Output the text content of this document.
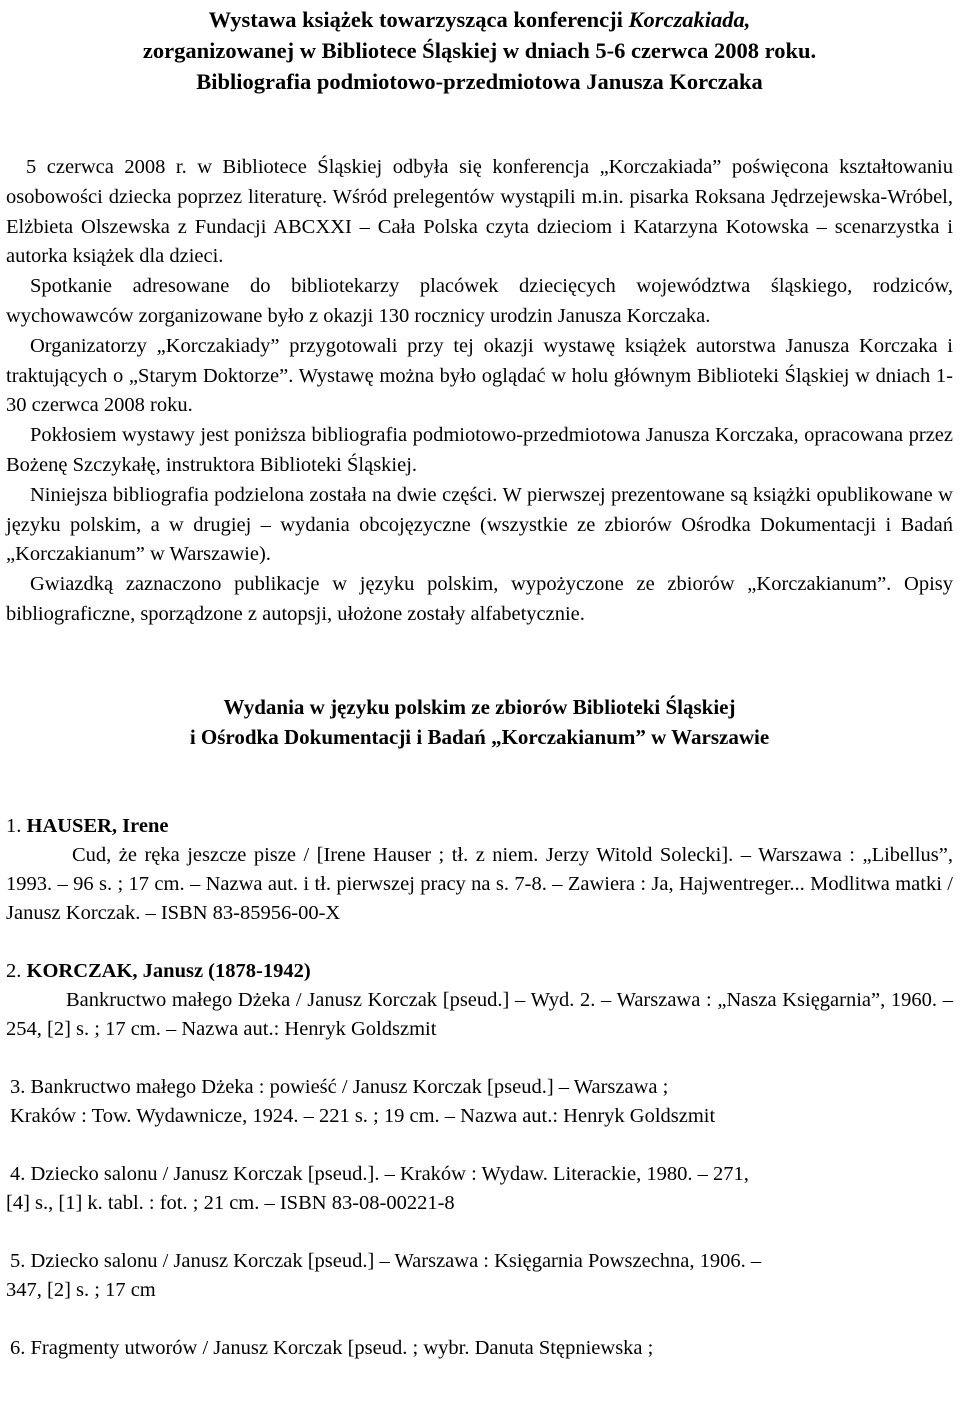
Wystawa książek towarzysząca konferencji Korczakiada,
zorganizowanej w Bibliotece Śląskiej w dniach 5-6 czerwca 2008 roku.
Bibliografia podmiotowo-przedmiotowa Janusza Korczaka

5 czerwca 2008 r. w Bibliotece Śląskiej odbyła się konferencja „Korczakiada” poświęcona kształtowaniu osobowości dziecka poprzez literaturę. Wśród prelegentów wystąpili m.in. pisarka Roksana Jędrzejewska-Wróbel, Elżbieta Olszewska z Fundacji ABCXXI – Cała Polska czyta dzieciom i Katarzyna Kotowska – scenarzystka i autorka książek dla dzieci.

Spotkanie adresowane do bibliotekarzy placówek dziecięcych województwa śląskiego, rodziców, wychowawców zorganizowane było z okazji 130 rocznicy urodzin Janusza Korczaka.

Organizatorzy „Korczakiady” przygotowali przy tej okazji wystawę książek autorstwa Janusza Korczaka i traktujących o „Starym Doktorze”. Wystawę można było oglądać w holu głównym Biblioteki Śląskiej w dniach 1-30 czerwca 2008 roku.

Pokłosiem wystawy jest poniższa bibliografia podmiotowo-przedmiotowa Janusza Korczaka, opracowana przez Bożenę Szczykałę, instruktora Biblioteki Śląskiej.

Niniejsza bibliografia podzielona została na dwie części. W pierwszej prezentowane są książki opublikowane w języku polskim, a w drugiej – wydania obcojęzyczne (wszystkie ze zbiorów Ośrodka Dokumentacji i Badań „Korczakianum” w Warszawie).

Gwiazdką zaznaczono publikacje w języku polskim, wypożyczone ze zbiorów „Korczakianum”. Opisy bibliograficzne, sporządzone z autopsji, ułożone zostały alfabetycznie.

Wydania w języku polskim ze zbiorów Biblioteki Śląskiej
i Ośrodka Dokumentacji i Badań „Korczakianum” w Warszawie

1. HAUSER, Irene

Cud, że ręka jeszcze pisze / [Irene Hauser ; tł. z niem. Jerzy Witold Solecki]. – Warszawa : „Libellus”, 1993. – 96 s. ; 17 cm. – Nazwa aut. i tł. pierwszej pracy na s. 7-8. – Zawiera : Ja, Hajwentreger... Modlitwa matki / Janusz Korczak. – ISBN 83-85956-00-X

2. KORCZAK, Janusz (1878-1942)

Bankructwo małego Dżeka / Janusz Korczak [pseud.] – Wyd. 2. – Warszawa : „Nasza Księgarnia”, 1960. – 254, [2] s. ; 17 cm. – Nazwa aut.: Henryk Goldszmit

3. Bankructwo małego Dżeka : powieść / Janusz Korczak [pseud.] – Warszawa ;

Kraków : Tow. Wydawnicze, 1924. – 221 s. ; 19 cm. – Nazwa aut.: Henryk Goldszmit

4. Dziecko salonu / Janusz Korczak [pseud.]. – Kraków : Wydaw. Literackie, 1980. – 271,

[4] s., [1] k. tabl. : fot. ; 21 cm. – ISBN 83-08-00221-8

5. Dziecko salonu / Janusz Korczak [pseud.] – Warszawa : Księgarnia Powszechna, 1906. –

347, [2] s. ; 17 cm

6. Fragmenty utworów / Janusz Korczak [pseud. ; wybr. Danuta Stępniewska ;
